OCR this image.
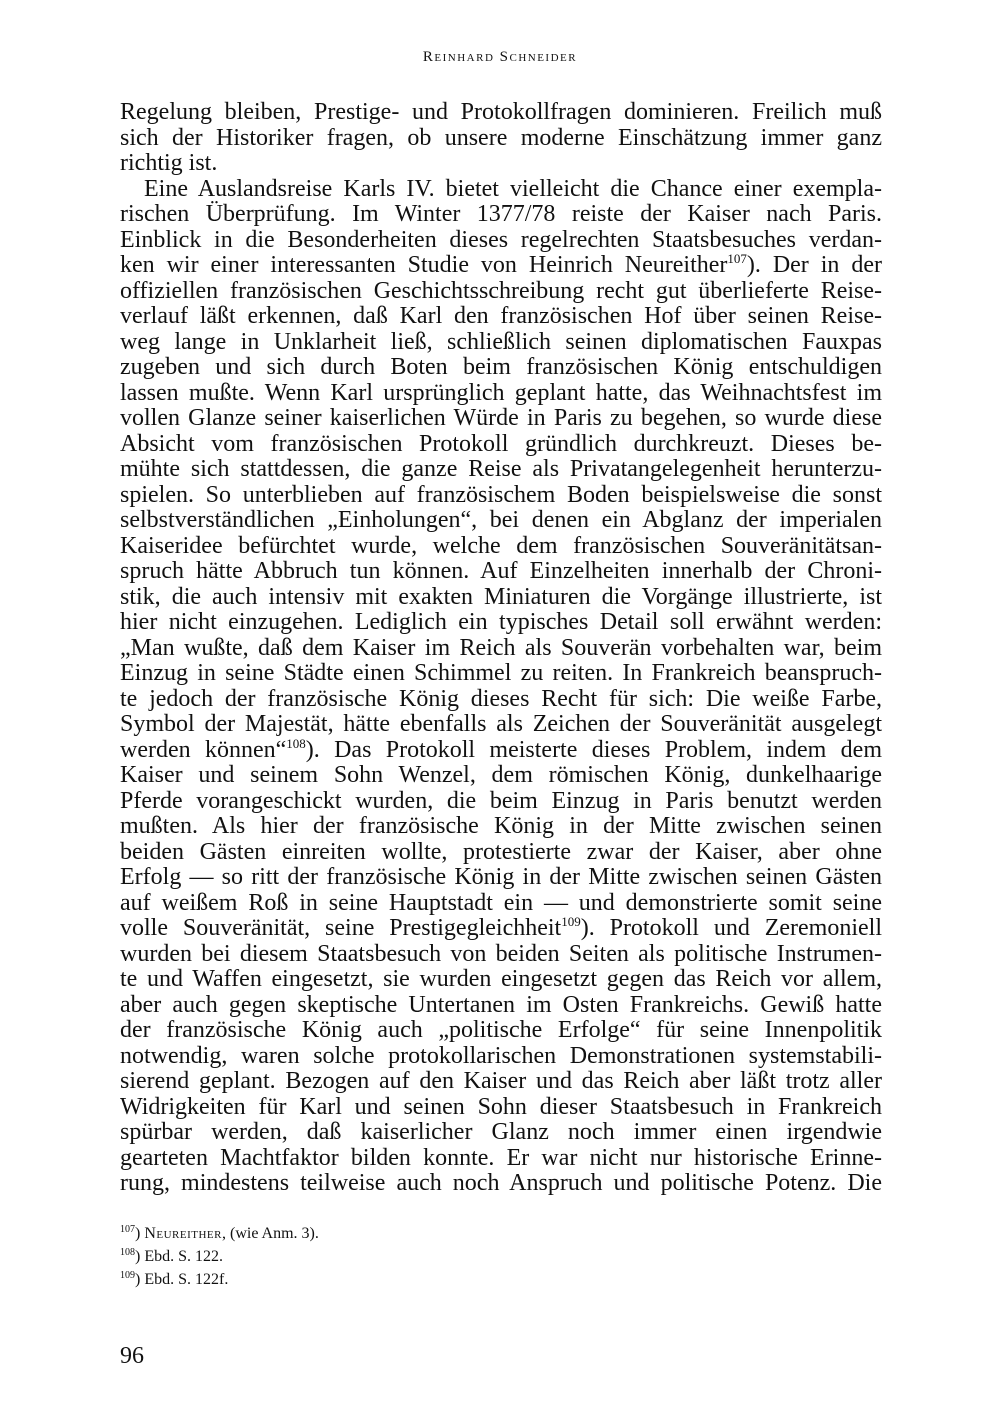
Reinhard Schneider
Regelung bleiben, Prestige- und Protokollfragen dominieren. Freilich muß
sich der Historiker fragen, ob unsere moderne Einschätzung immer ganz
richtig ist.
Eine Auslandsreise Karls IV. bietet vielleicht die Chance einer exempla-
rischen Überprüfung. Im Winter 1377/78 reiste der Kaiser nach Paris.
Einblick in die Besonderheiten dieses regelrechten Staatsbesuches verdan-
ken wir einer interessanten Studie von Heinrich Neureither$^{107}$). Der in der
offiziellen französischen Geschichtsschreibung recht gut überlieferte Reise-
verlauf läßt erkennen, daß Karl den französischen Hof über seinen Reise-
weg lange in Unklarheit ließ, schließlich seinen diplomatischen Fauxpas
zugeben und sich durch Boten beim französischen König entschuldigen
lassen mußte. Wenn Karl ursprünglich geplant hatte, das Weihnachtsfest im
vollen Glanze seiner kaiserlichen Würde in Paris zu begehen, so wurde diese
Absicht vom französischen Protokoll gründlich durchkreuzt. Dieses be-
mühte sich stattdessen, die ganze Reise als Privatangelegenheit herunterzu-
spielen. So unterblieben auf französischem Boden beispielsweise die sonst
selbstverständlichen „Einholungen“, bei denen ein Abglanz der imperialen
Kaiseridee befürchtet wurde, welche dem französischen Souveränitätsan-
spruch hätte Abbruch tun können. Auf Einzelheiten innerhalb der Chroni-
stik, die auch intensiv mit exakten Miniaturen die Vorgänge illustrierte, ist
hier nicht einzugehen. Lediglich ein typisches Detail soll erwähnt werden:
„Man wußte, daß dem Kaiser im Reich als Souverän vorbehalten war, beim
Einzug in seine Städte einen Schimmel zu reiten. In Frankreich beanspruch-
te jedoch der französische König dieses Recht für sich: Die weiße Farbe,
Symbol der Majestät, hätte ebenfalls als Zeichen der Souveränität ausgelegt
werden können“$^{108}$). Das Protokoll meisterte dieses Problem, indem dem
Kaiser und seinem Sohn Wenzel, dem römischen König, dunkelhaarige
Pferde vorangeschickt wurden, die beim Einzug in Paris benutzt werden
mußten. Als hier der französische König in der Mitte zwischen seinen
beiden Gästen einreiten wollte, protestierte zwar der Kaiser, aber ohne
Erfolg — so ritt der französische König in der Mitte zwischen seinen Gästen
auf weißem Roß in seine Hauptstadt ein — und demonstrierte somit seine
volle Souveränität, seine Prestigegleichheit$^{109}$). Protokoll und Zeremoniell
wurden bei diesem Staatsbesuch von beiden Seiten als politische Instrumen-
te und Waffen eingesetzt, sie wurden eingesetzt gegen das Reich vor allem,
aber auch gegen skeptische Untertanen im Osten Frankreichs. Gewiß hatte
der französische König auch „politische Erfolge“ für seine Innenpolitik
notwendig, waren solche protokollarischen Demonstrationen systemstabili-
sierend geplant. Bezogen auf den Kaiser und das Reich aber läßt trotz aller
Widrigkeiten für Karl und seinen Sohn dieser Staatsbesuch in Frankreich
spürbar werden, daß kaiserlicher Glanz noch immer einen irgendwie
gearteten Machtfaktor bilden konnte. Er war nicht nur historische Erinne-
rung, mindestens teilweise auch noch Anspruch und politische Potenz. Die
$^{107}$) Neureither, (wie Anm. 3).
$^{108}$) Ebd. S. 122.
$^{109}$) Ebd. S. 122f.
96
